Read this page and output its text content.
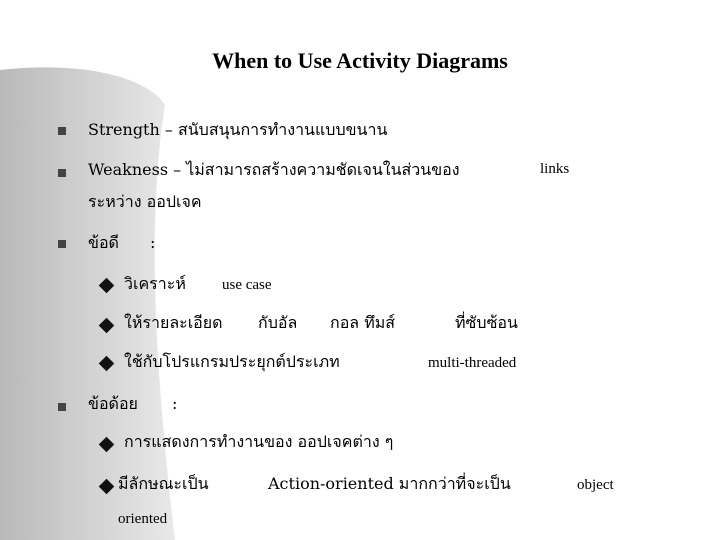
When to Use Activity Diagrams
Strength – สนับสนุนการทำงานแบบขนาน
Weakness – ไม่สามารถสร้างความชัดเจนในส่วนของ	links
ระหว่าง ออปเจค
ข้อดี :
วิเคราะห์ use case
ให้รายละเอียด กับอัล กอล ทึมส์	ที่ซับซ้อน
ใช้กับโปรแกรมประยุกต์ประเภท	multi-threaded
ข้อด้อย :
การแสดงการทำงานของ ออปเจคต่าง ๆ
มีลักษณะเป็น	Action-oriented มากกว่าที่จะเป็น	object
oriented
